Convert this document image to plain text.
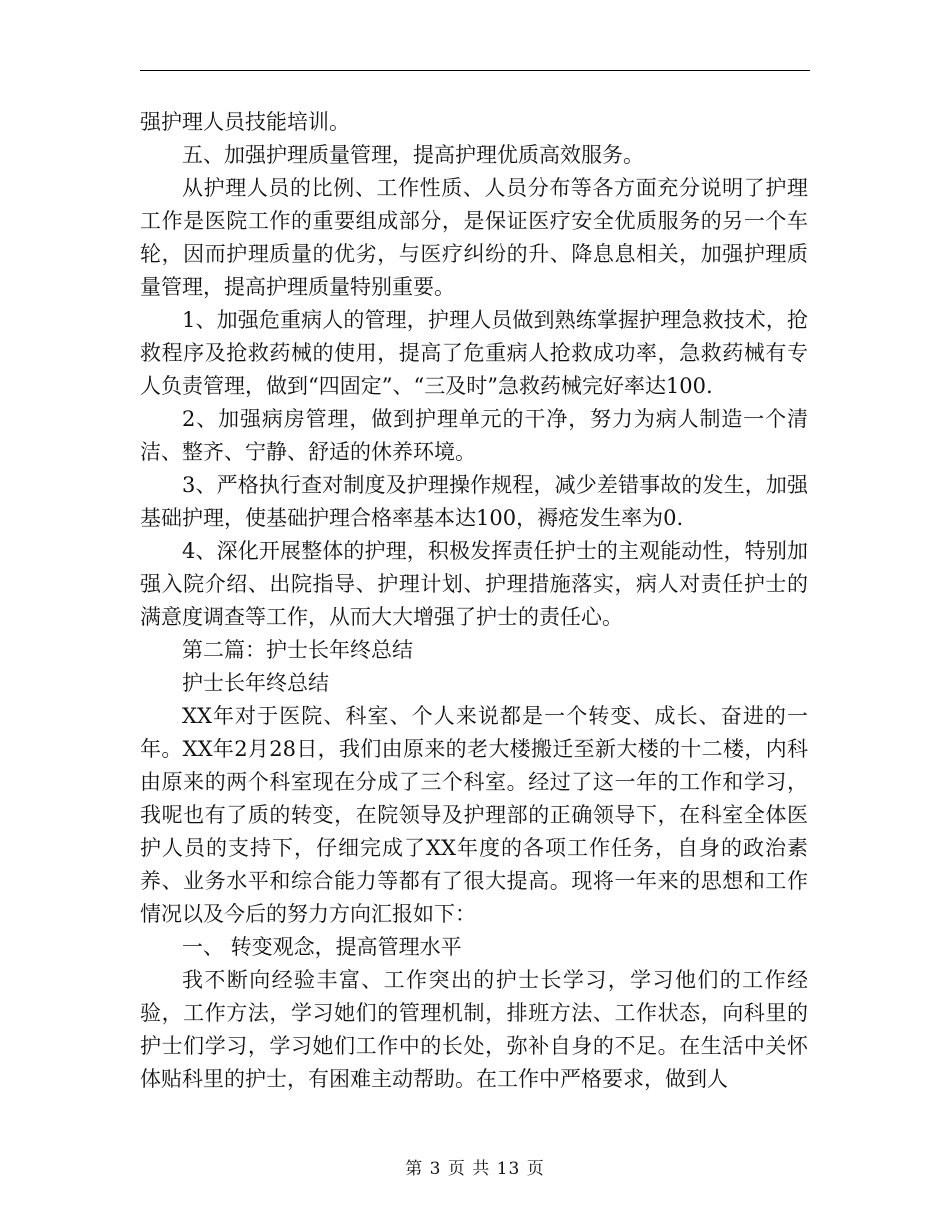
强护理人员技能培训。

五、加强护理质量管理，提高护理优质高效服务。

从护理人员的比例、工作性质、人员分布等各方面充分说明了护理工作是医院工作的重要组成部分，是保证医疗安全优质服务的另一个车轮，因而护理质量的优劣，与医疗纠纷的升、降息息相关，加强护理质量管理，提高护理质量特别重要。

1、加强危重病人的管理，护理人员做到熟练掌握护理急救技术，抢救程序及抢救药械的使用，提高了危重病人抢救成功率，急救药械有专人负责管理，做到“四固定”、“三及时”急救药械完好率达100.

2、加强病房管理，做到护理单元的干净，努力为病人制造一个清洁、整齐、宁静、舒适的休养环境。

3、严格执行查对制度及护理操作规程，减少差错事故的发生，加强基础护理，使基础护理合格率基本达100，褥疮发生率为0.

4、深化开展整体的护理，积极发挥责任护士的主观能动性，特别加强入院介绍、出院指导、护理计划、护理措施落实，病人对责任护士的满意度调查等工作，从而大大增强了护士的责任心。

第二篇：护士长年终总结

护士长年终总结

XX年对于医院、科室、个人来说都是一个转变、成长、奋进的一年。XX年2月28日，我们由原来的老大楼搬迁至新大楼的十二楼，内科由原来的两个科室现在分成了三个科室。经过了这一年的工作和学习，我呢也有了质的转变，在院领导及护理部的正确领导下，在科室全体医护人员的支持下，仔细完成了XX年度的各项工作任务，自身的政治素养、业务水平和综合能力等都有了很大提高。现将一年来的思想和工作情况以及今后的努力方向汇报如下：

一、 转变观念，提高管理水平

我不断向经验丰富、工作突出的护士长学习，学习他们的工作经验，工作方法，学习她们的管理机制，排班方法、工作状态，向科里的护士们学习，学习她们工作中的长处，弥补自身的不足。在生活中关怀体贴科里的护士，有困难主动帮助。在工作中严格要求，做到人

第 3 页 共 13 页
